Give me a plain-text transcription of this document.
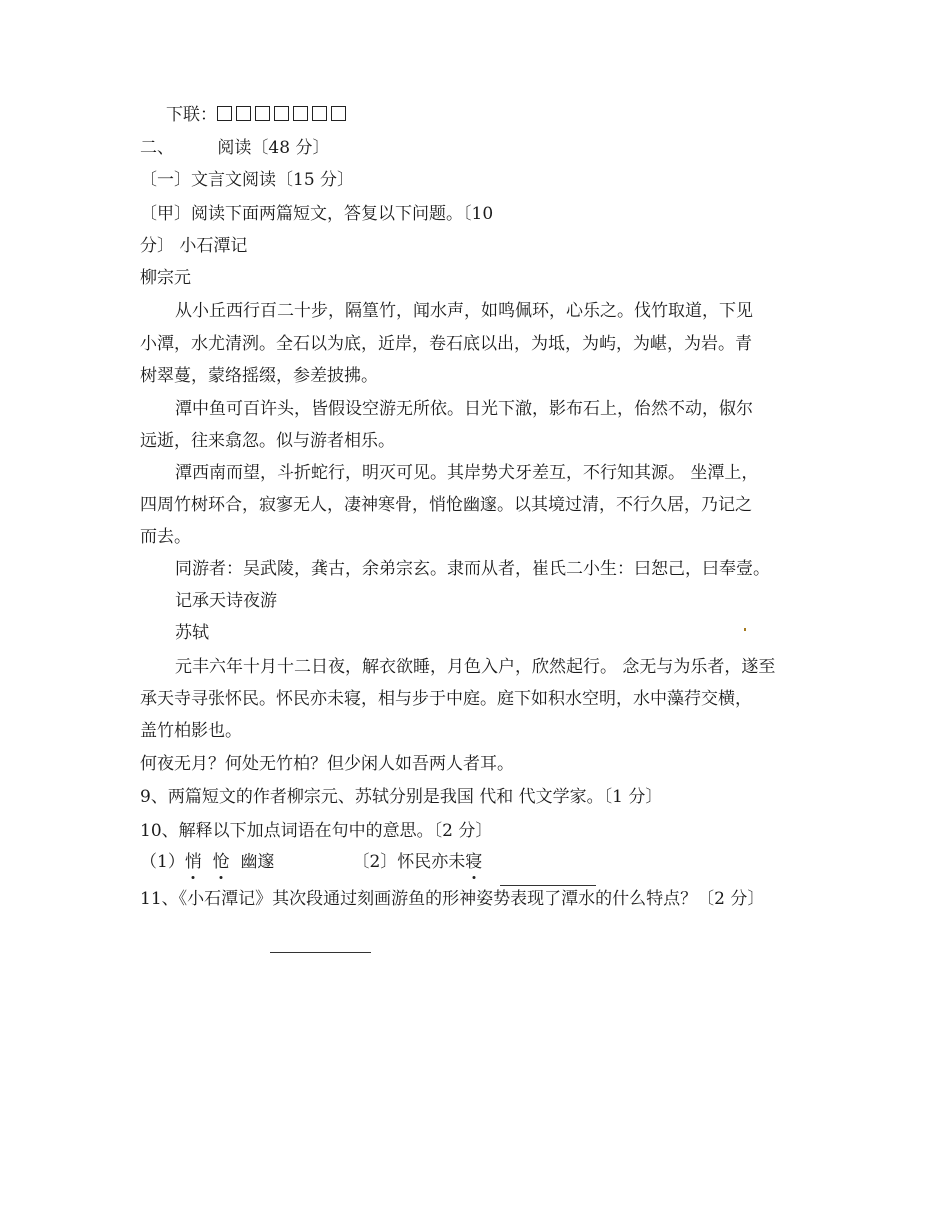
下联：
二、	阅读〔48 分〕
〔一〕文言文阅读〔15 分〕
〔甲〕阅读下面两篇短文，答复以下问题。〔10
分〕 小石潭记
柳宗元
从小丘西行百二十步，隔篁竹，闻水声，如鸣佩环，心乐之。伐竹取道，下见
小潭，水尤清洌。全石以为底，近岸，卷石底以出，为坻，为屿，为嵁，为岩。青
树翠蔓，蒙络摇缀，参差披拂。
潭中鱼可百许头，皆假设空游无所依。日光下澈，影布石上，佁然不动，俶尔
远逝，往来翕忽。似与游者相乐。
潭西南而望，斗折蛇行，明灭可见。其岸势犬牙差互，不行知其源。 坐潭上，
四周竹树环合，寂寥无人，凄神寒骨，悄怆幽邃。以其境过清，不行久居，乃记之
而去。
同游者：吴武陵，龚古，余弟宗玄。隶而从者，崔氏二小生：曰恕己，曰奉壹。
记承天诗夜游
苏轼
元丰六年十月十二日夜，解衣欲睡，月色入户，欣然起行。 念无与为乐者，遂至
承天寺寻张怀民。怀民亦未寝，相与步于中庭。庭下如积水空明，水中藻荇交横，
盖竹柏影也。
何夜无月？何处无竹柏？但少闲人如吾两人者耳。
9、两篇短文的作者柳宗元、苏轼分别是我国 代和 代文学家。〔1 分〕
10、解释以下加点词语在句中的意思。〔2 分〕
（1）悄 怆 幽邃	〔2〕怀民亦未寝
11、《小石潭记》其次段通过刻画游鱼的形神姿势表现了潭水的什么特点？〔2 分〕
